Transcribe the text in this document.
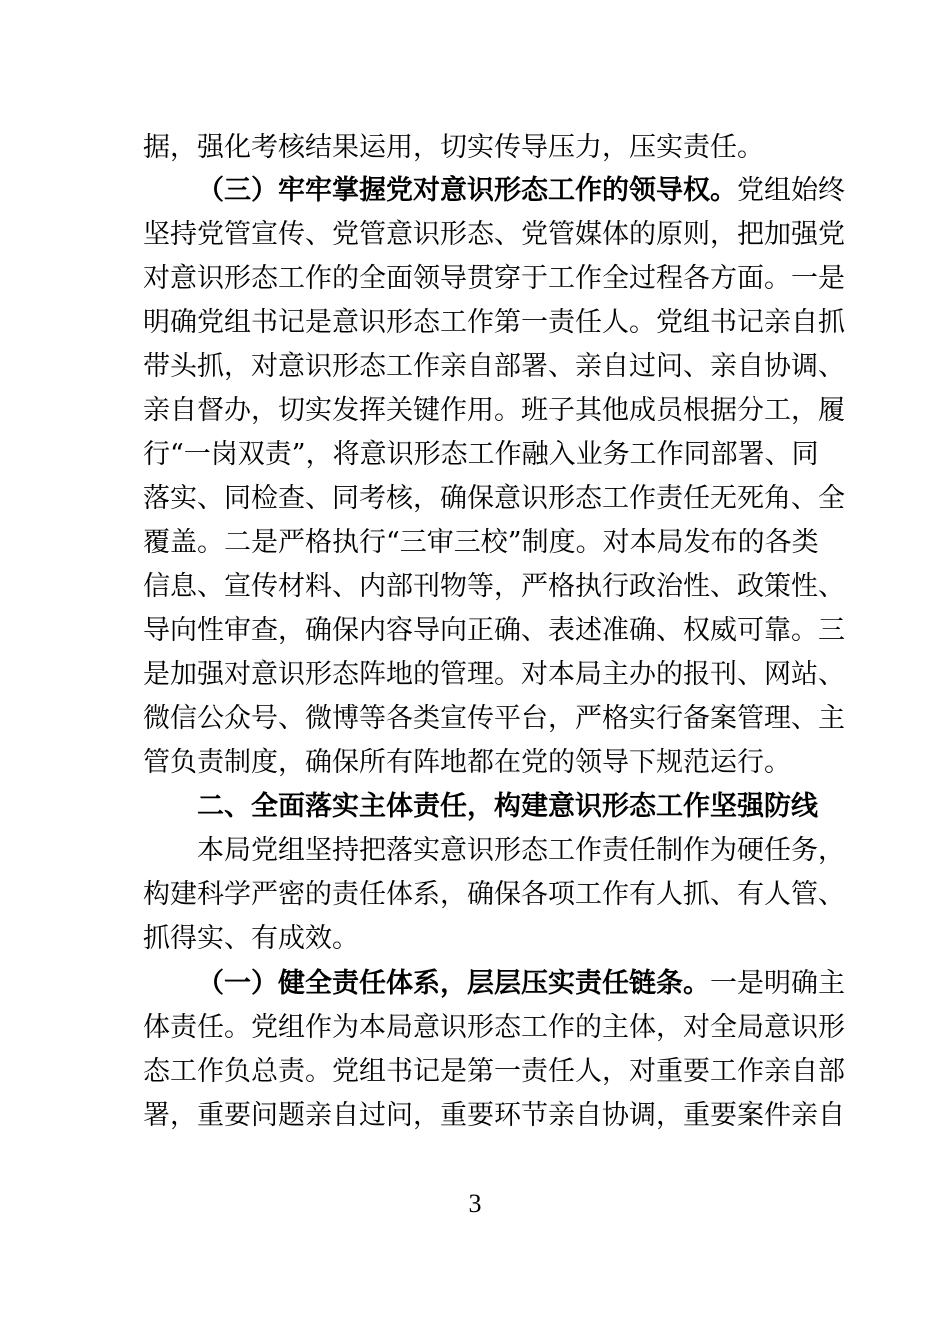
据，强化考核结果运用，切实传导压力，压实责任。
（三）牢牢掌握党对意识形态工作的领导权。党组始终
坚持党管宣传、党管意识形态、党管媒体的原则，把加强党
对意识形态工作的全面领导贯穿于工作全过程各方面。一是
明确党组书记是意识形态工作第一责任人。党组书记亲自抓
带头抓，对意识形态工作亲自部署、亲自过问、亲自协调、
亲自督办，切实发挥关键作用。班子其他成员根据分工，履
行“一岗双责”，将意识形态工作融入业务工作同部署、同
落实、同检查、同考核，确保意识形态工作责任无死角、全
覆盖。二是严格执行“三审三校”制度。对本局发布的各类
信息、宣传材料、内部刊物等，严格执行政治性、政策性、
导向性审查，确保内容导向正确、表述准确、权威可靠。三
是加强对意识形态阵地的管理。对本局主办的报刊、网站、
微信公众号、微博等各类宣传平台，严格实行备案管理、主
管负责制度，确保所有阵地都在党的领导下规范运行。
二、全面落实主体责任，构建意识形态工作坚强防线
本局党组坚持把落实意识形态工作责任制作为硬任务，
构建科学严密的责任体系，确保各项工作有人抓、有人管、
抓得实、有成效。
（一）健全责任体系，层层压实责任链条。一是明确主
体责任。党组作为本局意识形态工作的主体，对全局意识形
态工作负总责。党组书记是第一责任人，对重要工作亲自部
署，重要问题亲自过问，重要环节亲自协调，重要案件亲自
3
